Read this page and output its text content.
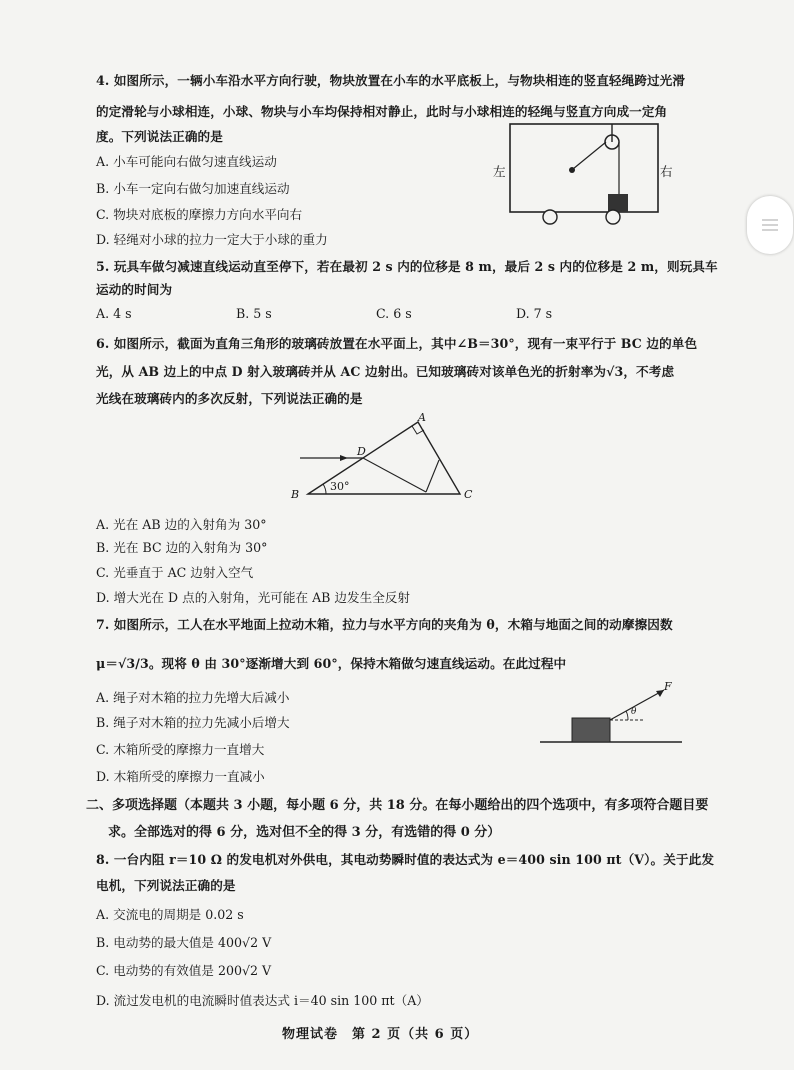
4. 如图所示，一辆小车沿水平方向行驶，物块放置在小车的水平底板上，与物块相连的竖直轻绳跨过光滑
的定滑轮与小球相连，小球、物块与小车均保持相对静止，此时与小球相连的轻绳与竖直方向成一定角
度。下列说法正确的是
A. 小车可能向右做匀速直线运动
B. 小车一定向右做匀加速直线运动
C. 物块对底板的摩擦力方向水平向右
D. 轻绳对小球的拉力一定大于小球的重力
左	右
5. 玩具车做匀减速直线运动直至停下，若在最初 2 s 内的位移是 8 m，最后 2 s 内的位移是 2 m，则玩具车
运动的时间为
A. 4 s	B. 5 s	C. 6 s	D. 7 s
6. 如图所示，截面为直角三角形的玻璃砖放置在水平面上，其中∠B＝30°，现有一束平行于 BC 边的单色
光，从 AB 边上的中点 D 射入玻璃砖并从 AC 边射出。已知玻璃砖对该单色光的折射率为√3，不考虑
光线在玻璃砖内的多次反射，下列说法正确的是
A
B	C
D
30°
A. 光在 AB 边的入射角为 30°
B. 光在 BC 边的入射角为 30°
C. 光垂直于 AC 边射入空气
D. 增大光在 D 点的入射角，光可能在 AB 边发生全反射
7. 如图所示，工人在水平地面上拉动木箱，拉力与水平方向的夹角为 θ，木箱与地面之间的动摩擦因数
μ＝√3/3。现将 θ 由 30°逐渐增大到 60°，保持木箱做匀速直线运动。在此过程中
A. 绳子对木箱的拉力先增大后减小
B. 绳子对木箱的拉力先减小后增大
C. 木箱所受的摩擦力一直增大
D. 木箱所受的摩擦力一直减小
F
θ
二、多项选择题（本题共 3 小题，每小题 6 分，共 18 分。在每小题给出的四个选项中，有多项符合题目要
求。全部选对的得 6 分，选对但不全的得 3 分，有选错的得 0 分）
8. 一台内阻 r＝10 Ω 的发电机对外供电，其电动势瞬时值的表达式为 e＝400 sin 100 πt（V）。关于此发
电机，下列说法正确的是
A. 交流电的周期是 0.02 s
B. 电动势的最大值是 400√2 V
C. 电动势的有效值是 200√2 V
D. 流过发电机的电流瞬时值表达式 i＝40 sin 100 πt（A）
物理试卷　第 2 页（共 6 页）
